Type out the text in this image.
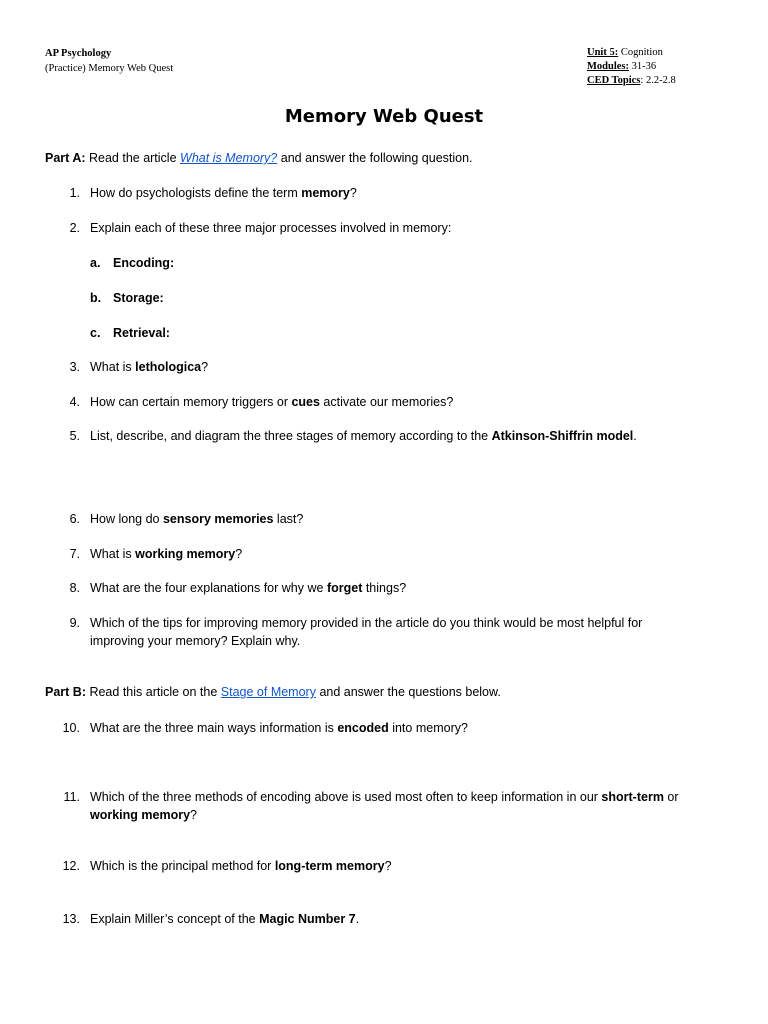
AP Psychology
(Practice) Memory Web Quest
Unit 5: Cognition
Modules: 31-36
CED Topics: 2.2-2.8
Memory Web Quest
Part A: Read the article What is Memory? and answer the following question.
1. How do psychologists define the term memory?
2. Explain each of these three major processes involved in memory:
a. Encoding:
b. Storage:
c. Retrieval:
3. What is lethologica?
4. How can certain memory triggers or cues activate our memories?
5. List, describe, and diagram the three stages of memory according to the Atkinson-Shiffrin model.
6. How long do sensory memories last?
7. What is working memory?
8. What are the four explanations for why we forget things?
9. Which of the tips for improving memory provided in the article do you think would be most helpful for
improving your memory? Explain why.
Part B: Read this article on the Stage of Memory and answer the questions below.
10. What are the three main ways information is encoded into memory?
11. Which of the three methods of encoding above is used most often to keep information in our short-term or
working memory?
12. Which is the principal method for long-term memory?
13. Explain Miller’s concept of the Magic Number 7.
